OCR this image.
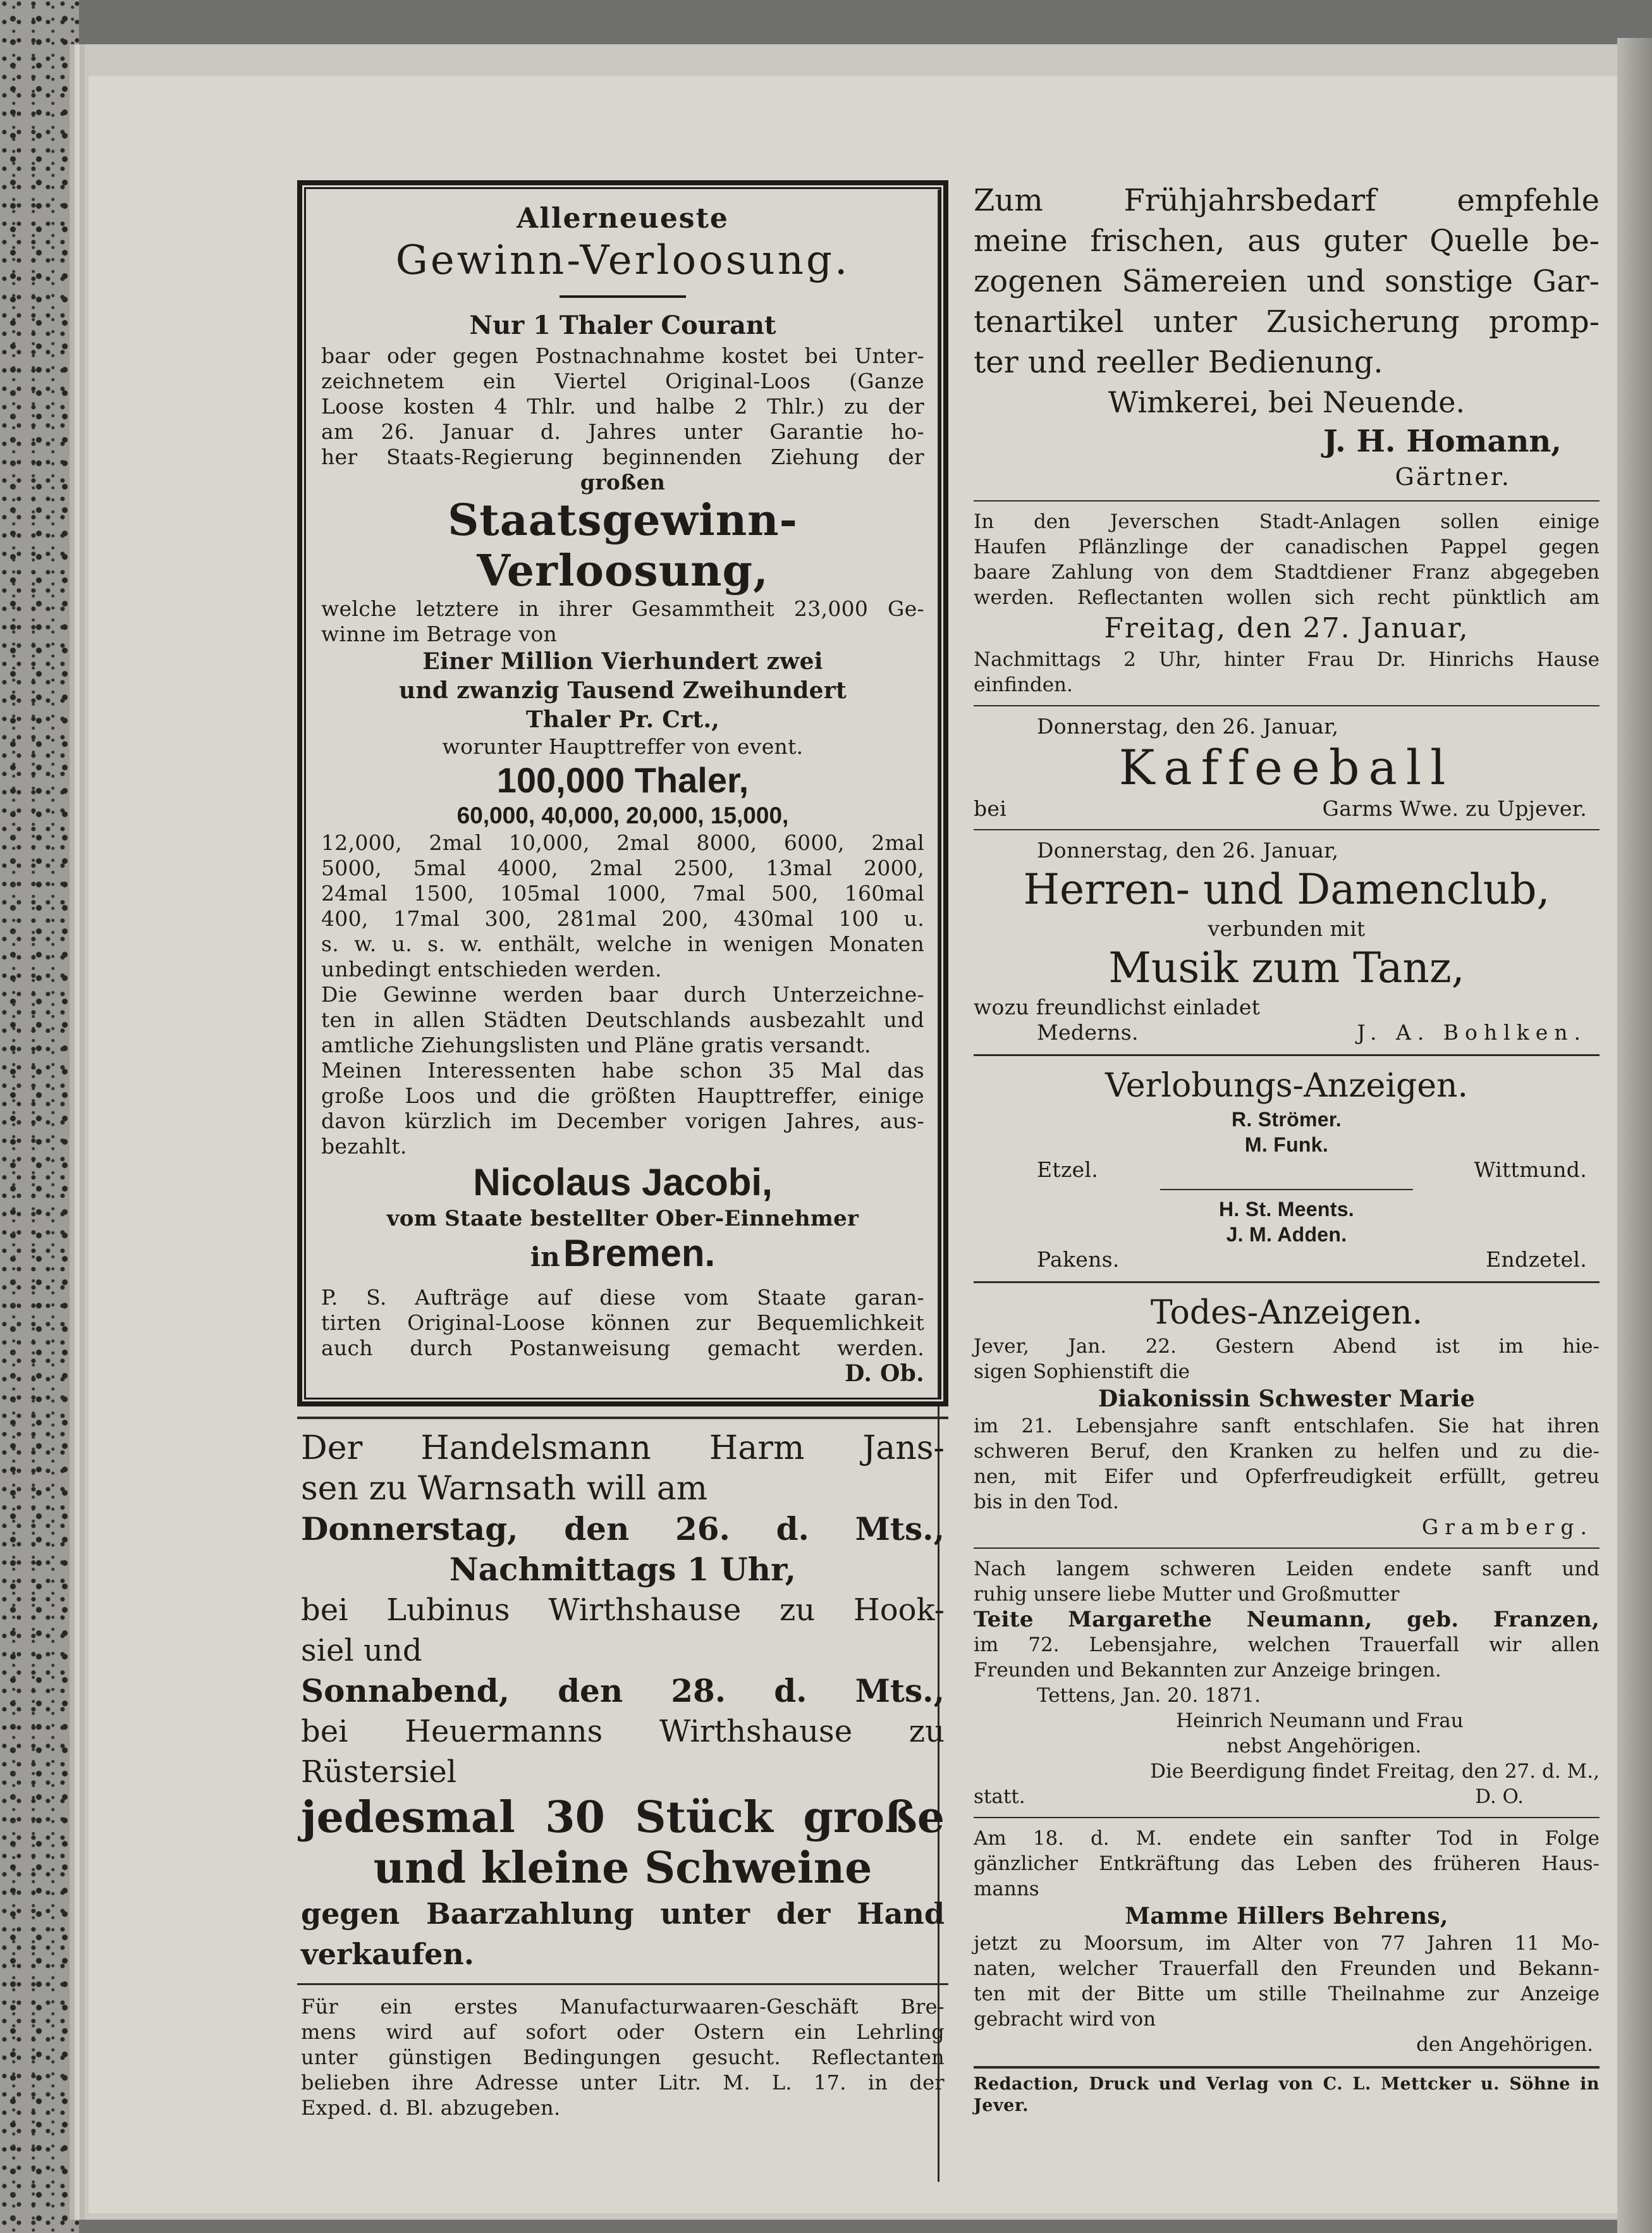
Allerneueste
Gewinn-Verloosung.
Nur 1 Thaler Courant
baar oder gegen Postnachnahme kostet bei Unter-
zeichnetem ein Viertel Original-Loos (Ganze
Loose kosten 4 Thlr. und halbe 2 Thlr.) zu der
am 26. Januar d. Jahres unter Garantie ho-
her Staats-Regierung beginnenden Ziehung der
großen
Staatsgewinn-Verloosung,
welche letztere in ihrer Gesammtheit 23,000 Ge-
winne im Betrage von
Einer Million Vierhundert zwei
und zwanzig Tausend Zweihundert
Thaler Pr. Crt.,
worunter Haupttreffer von event.
100,000 Thaler,
60,000, 40,000, 20,000, 15,000,
12,000, 2mal 10,000, 2mal 8000, 6000, 2mal
5000, 5mal 4000, 2mal 2500, 13mal 2000,
24mal 1500, 105mal 1000, 7mal 500, 160mal
400, 17mal 300, 281mal 200, 430mal 100 u.
s. w. u. s. w. enthält, welche in wenigen Monaten
unbedingt entschieden werden.
Die Gewinne werden baar durch Unterzeichne-
ten in allen Städten Deutschlands ausbezahlt und
amtliche Ziehungslisten und Pläne gratis versandt.
Meinen Interessenten habe schon 35 Mal das
große Loos und die größten Haupttreffer, einige
davon kürzlich im December vorigen Jahres, aus-
bezahlt.
Nicolaus Jacobi,
vom Staate bestellter Ober-Einnehmer
in Bremen.
P. S. Aufträge auf diese vom Staate garan-
tirten Original-Loose können zur Bequemlichkeit
auch durch Postanweisung gemacht werden.
D. Ob.
Der Handelsmann Harm Jans-
sen zu Warnsath will am
Donnerstag, den 26. d. Mts.,
Nachmittags 1 Uhr,
bei Lubinus Wirthshause zu Hook-
siel und
Sonnabend, den 28. d. Mts.,
bei Heuermanns Wirthshause zu
Rüstersiel
jedesmal 30 Stück große
und kleine Schweine
gegen Baarzahlung unter der Hand
verkaufen.
Für ein erstes Manufacturwaaren-Geschäft Bre-
mens wird auf sofort oder Ostern ein Lehrling
unter günstigen Bedingungen gesucht. Reflectanten
belieben ihre Adresse unter Litr. M. L. 17. in der
Exped. d. Bl. abzugeben.
Zum Frühjahrsbedarf empfehle
meine frischen, aus guter Quelle be-
zogenen Sämereien und sonstige Gar-
tenartikel unter Zusicherung promp-
ter und reeller Bedienung.
Wimkerei, bei Neuende.
J. H. Homann,
Gärtner.
In den Jeverschen Stadt-Anlagen sollen einige
Haufen Pflänzlinge der canadischen Pappel gegen
baare Zahlung von dem Stadtdiener Franz abgegeben
werden. Reflectanten wollen sich recht pünktlich am
Freitag, den 27. Januar,
Nachmittags 2 Uhr, hinter Frau Dr. Hinrichs Hause
einfinden.
Donnerstag, den 26. Januar,
Kaffeeball
bei	Garms Wwe. zu Upjever.
Donnerstag, den 26. Januar,
Herren- und Damenclub,
verbunden mit
Musik zum Tanz,
wozu freundlichst einladet
Mederns.	J. A. Bohlken.
Verlobungs-Anzeigen.
R. Strömer.
M. Funk.
Etzel.	Wittmund.
H. St. Meents.
J. M. Adden.
Pakens.	Endzetel.
Todes-Anzeigen.
Jever, Jan. 22. Gestern Abend ist im hie-
sigen Sophienstift die
Diakonissin Schwester Marie
im 21. Lebensjahre sanft entschlafen. Sie hat ihren
schweren Beruf, den Kranken zu helfen und zu die-
nen, mit Eifer und Opferfreudigkeit erfüllt, getreu
bis in den Tod.
Gramberg.
Nach langem schweren Leiden endete sanft und
ruhig unsere liebe Mutter und Großmutter
Teite Margarethe Neumann, geb. Franzen,
im 72. Lebensjahre, welchen Trauerfall wir allen
Freunden und Bekannten zur Anzeige bringen.
Tettens, Jan. 20. 1871.
Heinrich Neumann und Frau
nebst Angehörigen.
Die Beerdigung findet Freitag, den 27. d. M.,
statt.	D. O.
Am 18. d. M. endete ein sanfter Tod in Folge
gänzlicher Entkräftung das Leben des früheren Haus-
manns
Mamme Hillers Behrens,
jetzt zu Moorsum, im Alter von 77 Jahren 11 Mo-
naten, welcher Trauerfall den Freunden und Bekann-
ten mit der Bitte um stille Theilnahme zur Anzeige
gebracht wird von
den Angehörigen.
Redaction, Druck und Verlag von C. L. Mettcker u. Söhne in Jever.
